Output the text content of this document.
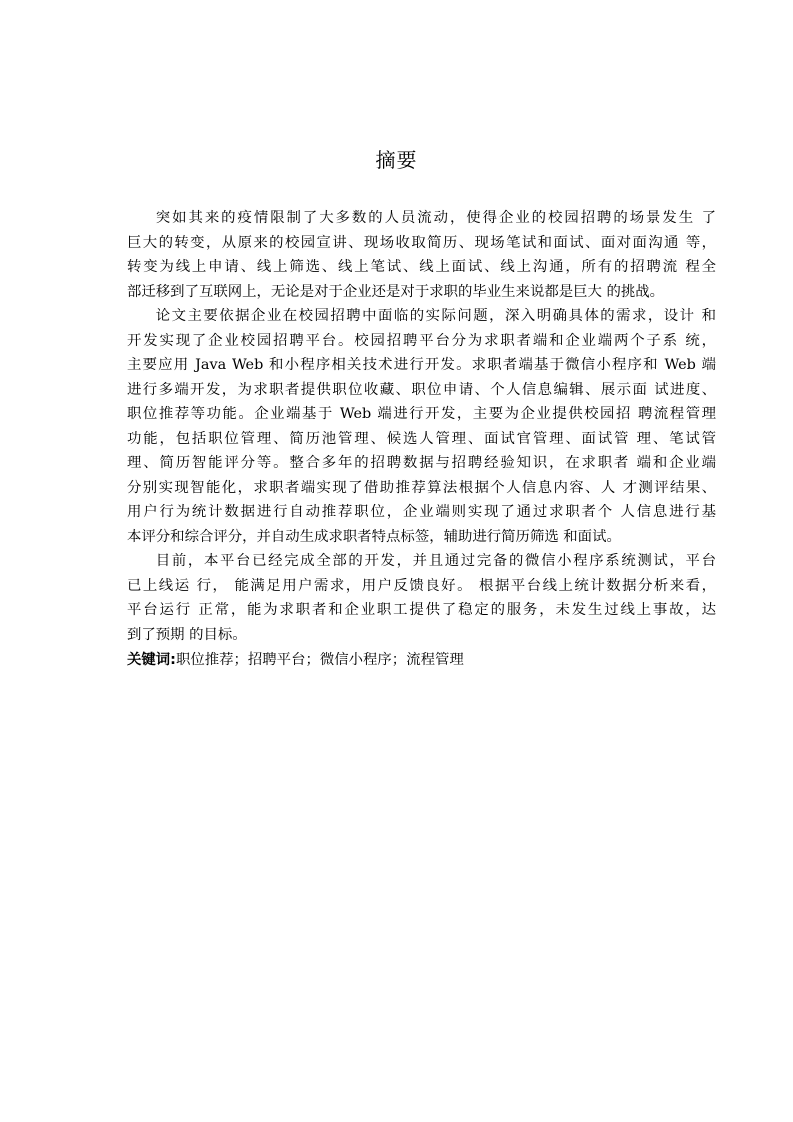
摘要
突如其来的疫情限制了大多数的人员流动，使得企业的校园招聘的场景发生 了
巨大的转变，从原来的校园宣讲、现场收取简历、现场笔试和面试、面对面沟通 等，
转变为线上申请、线上筛选、线上笔试、线上面试、线上沟通，所有的招聘流 程全
部迁移到了互联网上，无论是对于企业还是对于求职的毕业生来说都是巨大 的挑战。
论文主要依据企业在校园招聘中面临的实际问题，深入明确具体的需求，设计 和
开发实现了企业校园招聘平台。校园招聘平台分为求职者端和企业端两个子系 统，
主要应用 Java Web 和小程序相关技术进行开发。求职者端基于微信小程序和 Web 端
进行多端开发，为求职者提供职位收藏、职位申请、个人信息编辑、展示面 试进度、
职位推荐等功能。企业端基于 Web 端进行开发，主要为企业提供校园招 聘流程管理
功能，包括职位管理、简历池管理、候选人管理、面试官管理、面试管 理、笔试管
理、简历智能评分等。整合多年的招聘数据与招聘经验知识，在求职者 端和企业端
分别实现智能化，求职者端实现了借助推荐算法根据个人信息内容、人 才测评结果、
用户行为统计数据进行自动推荐职位，企业端则实现了通过求职者个 人信息进行基
本评分和综合评分，并自动生成求职者特点标签，辅助进行简历筛选 和面试。
目前，本平台已经完成全部的开发，并且通过完备的微信小程序系统测试，平台
已上线运 行， 能满足用户需求，用户反馈良好。 根据平台线上统计数据分析来看，
平台运行 正常，能为求职者和企业职工提供了稳定的服务，未发生过线上事故，达
到了预期 的目标。
关键词:职位推荐；招聘平台；微信小程序；流程管理
